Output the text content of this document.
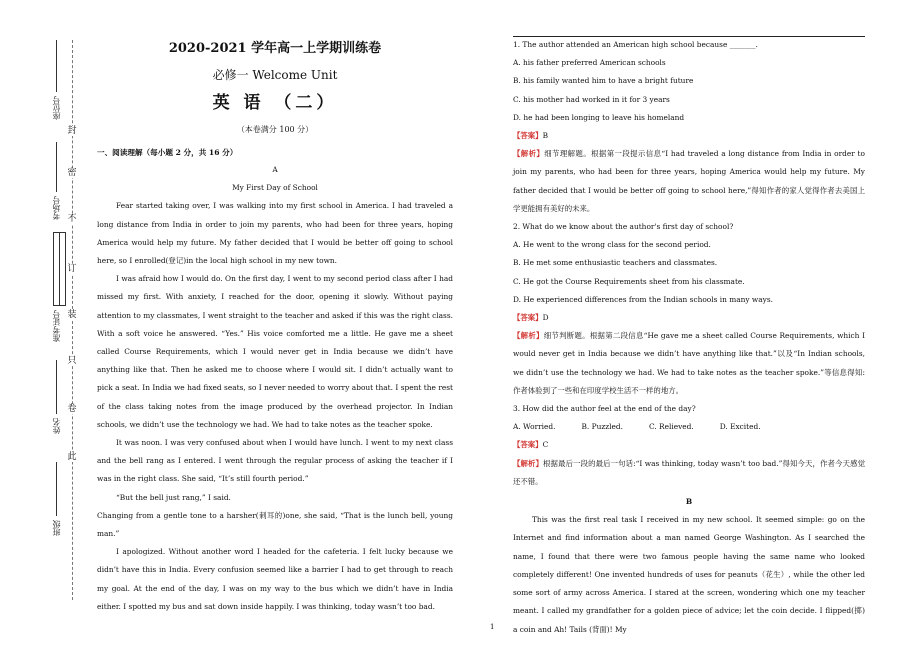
封
密
不
订
装
只
卷
此
座位号
考场号
准考证号
姓名
班级
2020-2021 学年高一上学期训练卷
必修一 Welcome Unit
英 语 （二）
（本卷满分 100 分）
一、阅读理解（每小题 2 分，共 16 分）
A
My First Day of School

Fear started taking over, I was walking into my first school in America. I had traveled a long distance from India in order to join my parents, who had been for three years, hoping America would help my future. My father decided that I would be better off going to school here, so I enrolled(登记)in the local high school in my new town.

I was afraid how I would do. On the first day, I went to my second period class after I had missed my first. With anxiety, I reached for the door, opening it slowly. Without paying attention to my classmates, I went straight to the teacher and asked if this was the right class. With a soft voice he answered. “Yes.” His voice comforted me a little. He gave me a sheet called Course Requirements, which I would never get in India because we didn’t have anything like that. Then he asked me to choose where I would sit. I didn’t actually want to pick a seat. In India we had fixed seats, so I never needed to worry about that. I spent the rest of the class taking notes from the image produced by the overhead projector. In Indian schools, we didn’t use the technology we had. We had to take notes as the teacher spoke.

It was noon. I was very confused about when I would have lunch. I went to my next class and the bell rang as I entered. I went through the regular process of asking the teacher if I was in the right class. She said, “It’s still fourth period.”

“But the bell just rang,” I said.

Changing from a gentle tone to a harsher(刺耳的)one, she said, “That is the lunch bell, young man.”

I apologized. Without another word I headed for the cafeteria. I felt lucky because we didn’t have this in India. Every confusion seemed like a barrier I had to get through to reach my goal. At the end of the day, I was on my way to the bus which we didn’t have in India either. I spotted my bus and sat down inside happily. I was thinking, today wasn’t too bad.

1. The author attended an American high school because _______.

A. his father preferred American schools

B. his family wanted him to have a bright future

C. his mother had worked in it for 3 years

D. he had been longing to leave his homeland

【答案】B

【解析】细节理解题。根据第一段提示信息“I had traveled a long distance from India in order to join my parents, who had been for three years, hoping America would help my future. My father decided that I would be better off going to school here,”得知作者的家人觉得作者去美国上学更能拥有美好的未来。

2. What do we know about the author's first day of school?

A. He went to the wrong class for the second period.

B. He met some enthusiastic teachers and classmates.

C. He got the Course Requirements sheet from his classmate.

D. He experienced differences from the Indian schools in many ways.

【答案】D

【解析】细节判断题。根据第二段信息“He gave me a sheet called Course Requirements, which I would never get in India because we didn’t have anything like that.”以及“In Indian schools, we didn’t use the technology we had. We had to take notes as the teacher spoke.”等信息得知:作者体验到了一些和在印度学校生活不一样的地方。

3. How did the author feel at the end of the day?

A. Worried.	B. Puzzled.	C. Relieved.	D. Excited.

【答案】C

【解析】根据最后一段的最后一句话:“I was thinking, today wasn’t too bad.”得知今天，作者今天感觉还不错。

B

This was the first real task I received in my new school. It seemed simple: go on the Internet and find information about a man named George Washington. As I searched the name, I found that there were two famous people having the same name who looked completely different! One invented hundreds of uses for peanuts（花生）, while the other led some sort of army across America. I stared at the screen, wondering which one my teacher meant. I called my grandfather for a golden piece of advice; let the coin decide. I flipped(掷) a coin and Ah! Tails (背面)! My

1
